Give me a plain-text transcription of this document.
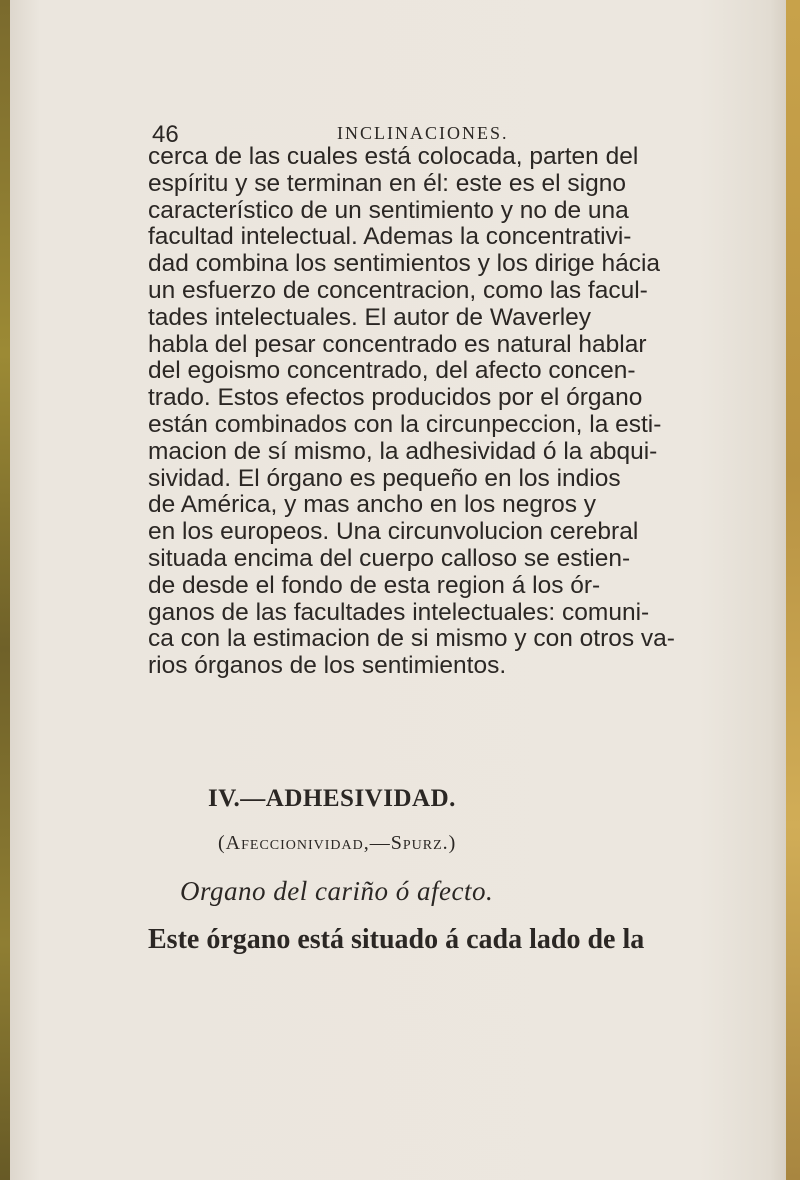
46	INCLINACIONES.
cerca de las cuales está colocada, parten del
espíritu y se terminan en él: este es el signo
característico de un sentimiento y no de una
facultad intelectual. Ademas la concentrativi-
dad combina los sentimientos y los dirige hácia
un esfuerzo de concentracion, como las facul-
tades intelectuales. El autor de Waverley
habla del pesar concentrado es natural hablar
del egoismo concentrado, del afecto concen-
trado. Estos efectos producidos por el órgano
están combinados con la circunpeccion, la esti-
macion de sí mismo, la adhesividad ó la abqui-
sividad. El órgano es pequeño en los indios
de América, y mas ancho en los negros y
en los europeos. Una circunvolucion cerebral
situada encima del cuerpo calloso se estien-
de desde el fondo de esta region á los ór-
ganos de las facultades intelectuales: comuni-
ca con la estimacion de si mismo y con otros va-
rios órganos de los sentimientos.
IV.—ADHESIVIDAD.
(Afeccionividad,—Spurz.)
Organo del cariño ó afecto.
Este órgano está situado á cada lado de la
